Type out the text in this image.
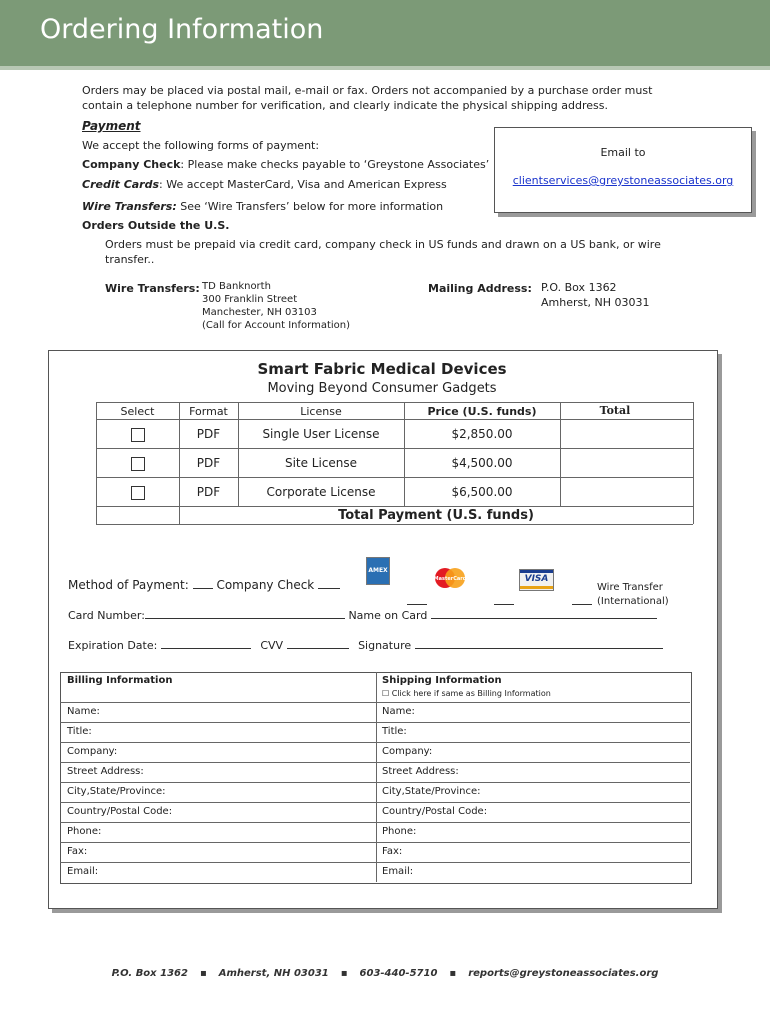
Ordering Information
Orders may be placed via postal mail, e-mail or fax. Orders not accompanied by a purchase order must contain a telephone number for verification, and clearly indicate the physical shipping address.
Payment
We accept the following forms of payment:
Company Check: Please make checks payable to ‘Greystone Associates’
Credit Cards: We accept MasterCard, Visa and American Express
Wire Transfers: See ‘Wire Transfers’ below for more information
Orders Outside the U.S.
Orders must be prepaid via credit card, company check in US funds and drawn on a US bank, or wire transfer..
Wire Transfers: TD Banknorth
300 Franklin Street
Manchester, NH 03103
(Call for Account Information)
Mailing Address: P.O. Box 1362
Amherst, NH 03031
Email to
clientservices@greystoneassociates.org
Smart Fabric Medical Devices
Moving Beyond Consumer Gadgets
Select	Format	License	Price (U.S. funds)	Total
PDF	Single User License	$2,850.00
PDF	Site License	$4,500.00
PDF	Corporate License	$6,500.00
Total Payment (U.S. funds)
Method of Payment: Company Check
AMEX
MasterCard	VISA
Wire Transfer
(International)
Card Number:	Name on Card
Expiration Date:	CVV	Signature
Billing Information	Shipping Information
☐ Click here if same as Billing Information
Name:
Title:
Company:
Street Address:
City,State/Province:
Country/Postal Code:
Phone:
Fax:
Email:
Name:
Title:
Company:
Street Address:
City,State/Province:
Country/Postal Code:
Phone:
Fax:
Email:
P.O. Box 1362 ▪ Amherst, NH 03031 ▪ 603-440-5710 ▪ reports@greystoneassociates.org
